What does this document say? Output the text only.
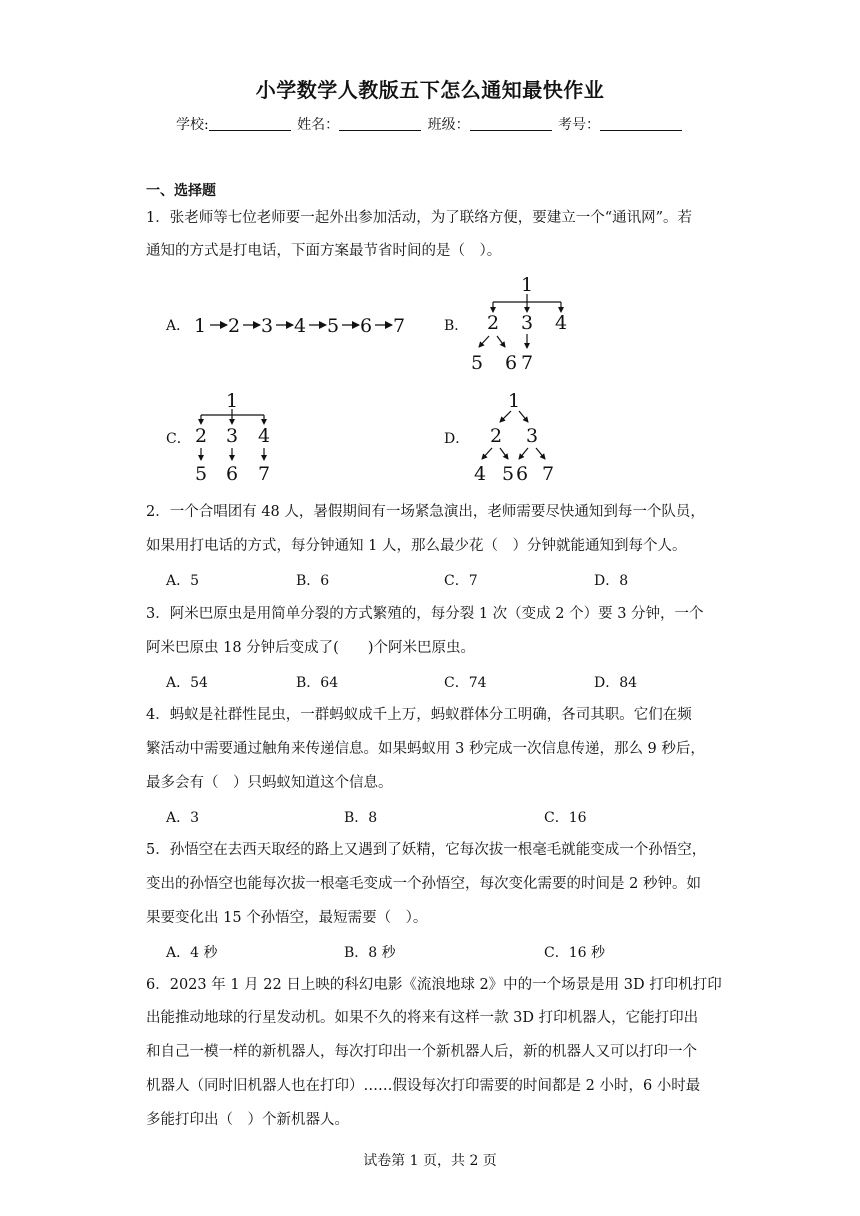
小学数学人教版五下怎么通知最快作业
学校:	姓名：	班级：	考号：
一、选择题
1．张老师等七位老师要一起外出参加活动，为了联络方便，要建立一个“通讯网”。若
通知的方式是打电话，下面方案最节省时间的是（　）。
A． 1 2 3 4 5 6 7	B．
1
2 3 4
5 6 7
C．
1
2 3 4
5 6 7
D．
1
2 3
4 5 6 7
2．一个合唱团有 48 人，暑假期间有一场紧急演出，老师需要尽快通知到每一个队员，
如果用打电话的方式，每分钟通知 1 人，那么最少花（　）分钟就能通知到每个人。
A．5	B．6	C．7	D．8
3．阿米巴原虫是用简单分裂的方式繁殖的，每分裂 1 次（变成 2 个）要 3 分钟，一个
阿米巴原虫 18 分钟后变成了(　　)个阿米巴原虫。
A．54	B．64	C．74	D．84
4．蚂蚁是社群性昆虫，一群蚂蚁成千上万，蚂蚁群体分工明确，各司其职。它们在频
繁活动中需要通过触角来传递信息。如果蚂蚁用 3 秒完成一次信息传递，那么 9 秒后，
最多会有（　）只蚂蚁知道这个信息。
A．3	B．8	C．16
5．孙悟空在去西天取经的路上又遇到了妖精，它每次拔一根毫毛就能变成一个孙悟空，
变出的孙悟空也能每次拔一根毫毛变成一个孙悟空，每次变化需要的时间是 2 秒钟。如
果要变化出 15 个孙悟空，最短需要（　）。
A．4 秒	B．8 秒	C．16 秒
6．2023 年 1 月 22 日上映的科幻电影《流浪地球 2》中的一个场景是用 3D 打印机打印
出能推动地球的行星发动机。如果不久的将来有这样一款 3D 打印机器人，它能打印出
和自己一模一样的新机器人，每次打印出一个新机器人后，新的机器人又可以打印一个
机器人（同时旧机器人也在打印）……假设每次打印需要的时间都是 2 小时，6 小时最
多能打印出（　）个新机器人。
试卷第 1 页，共 2 页
